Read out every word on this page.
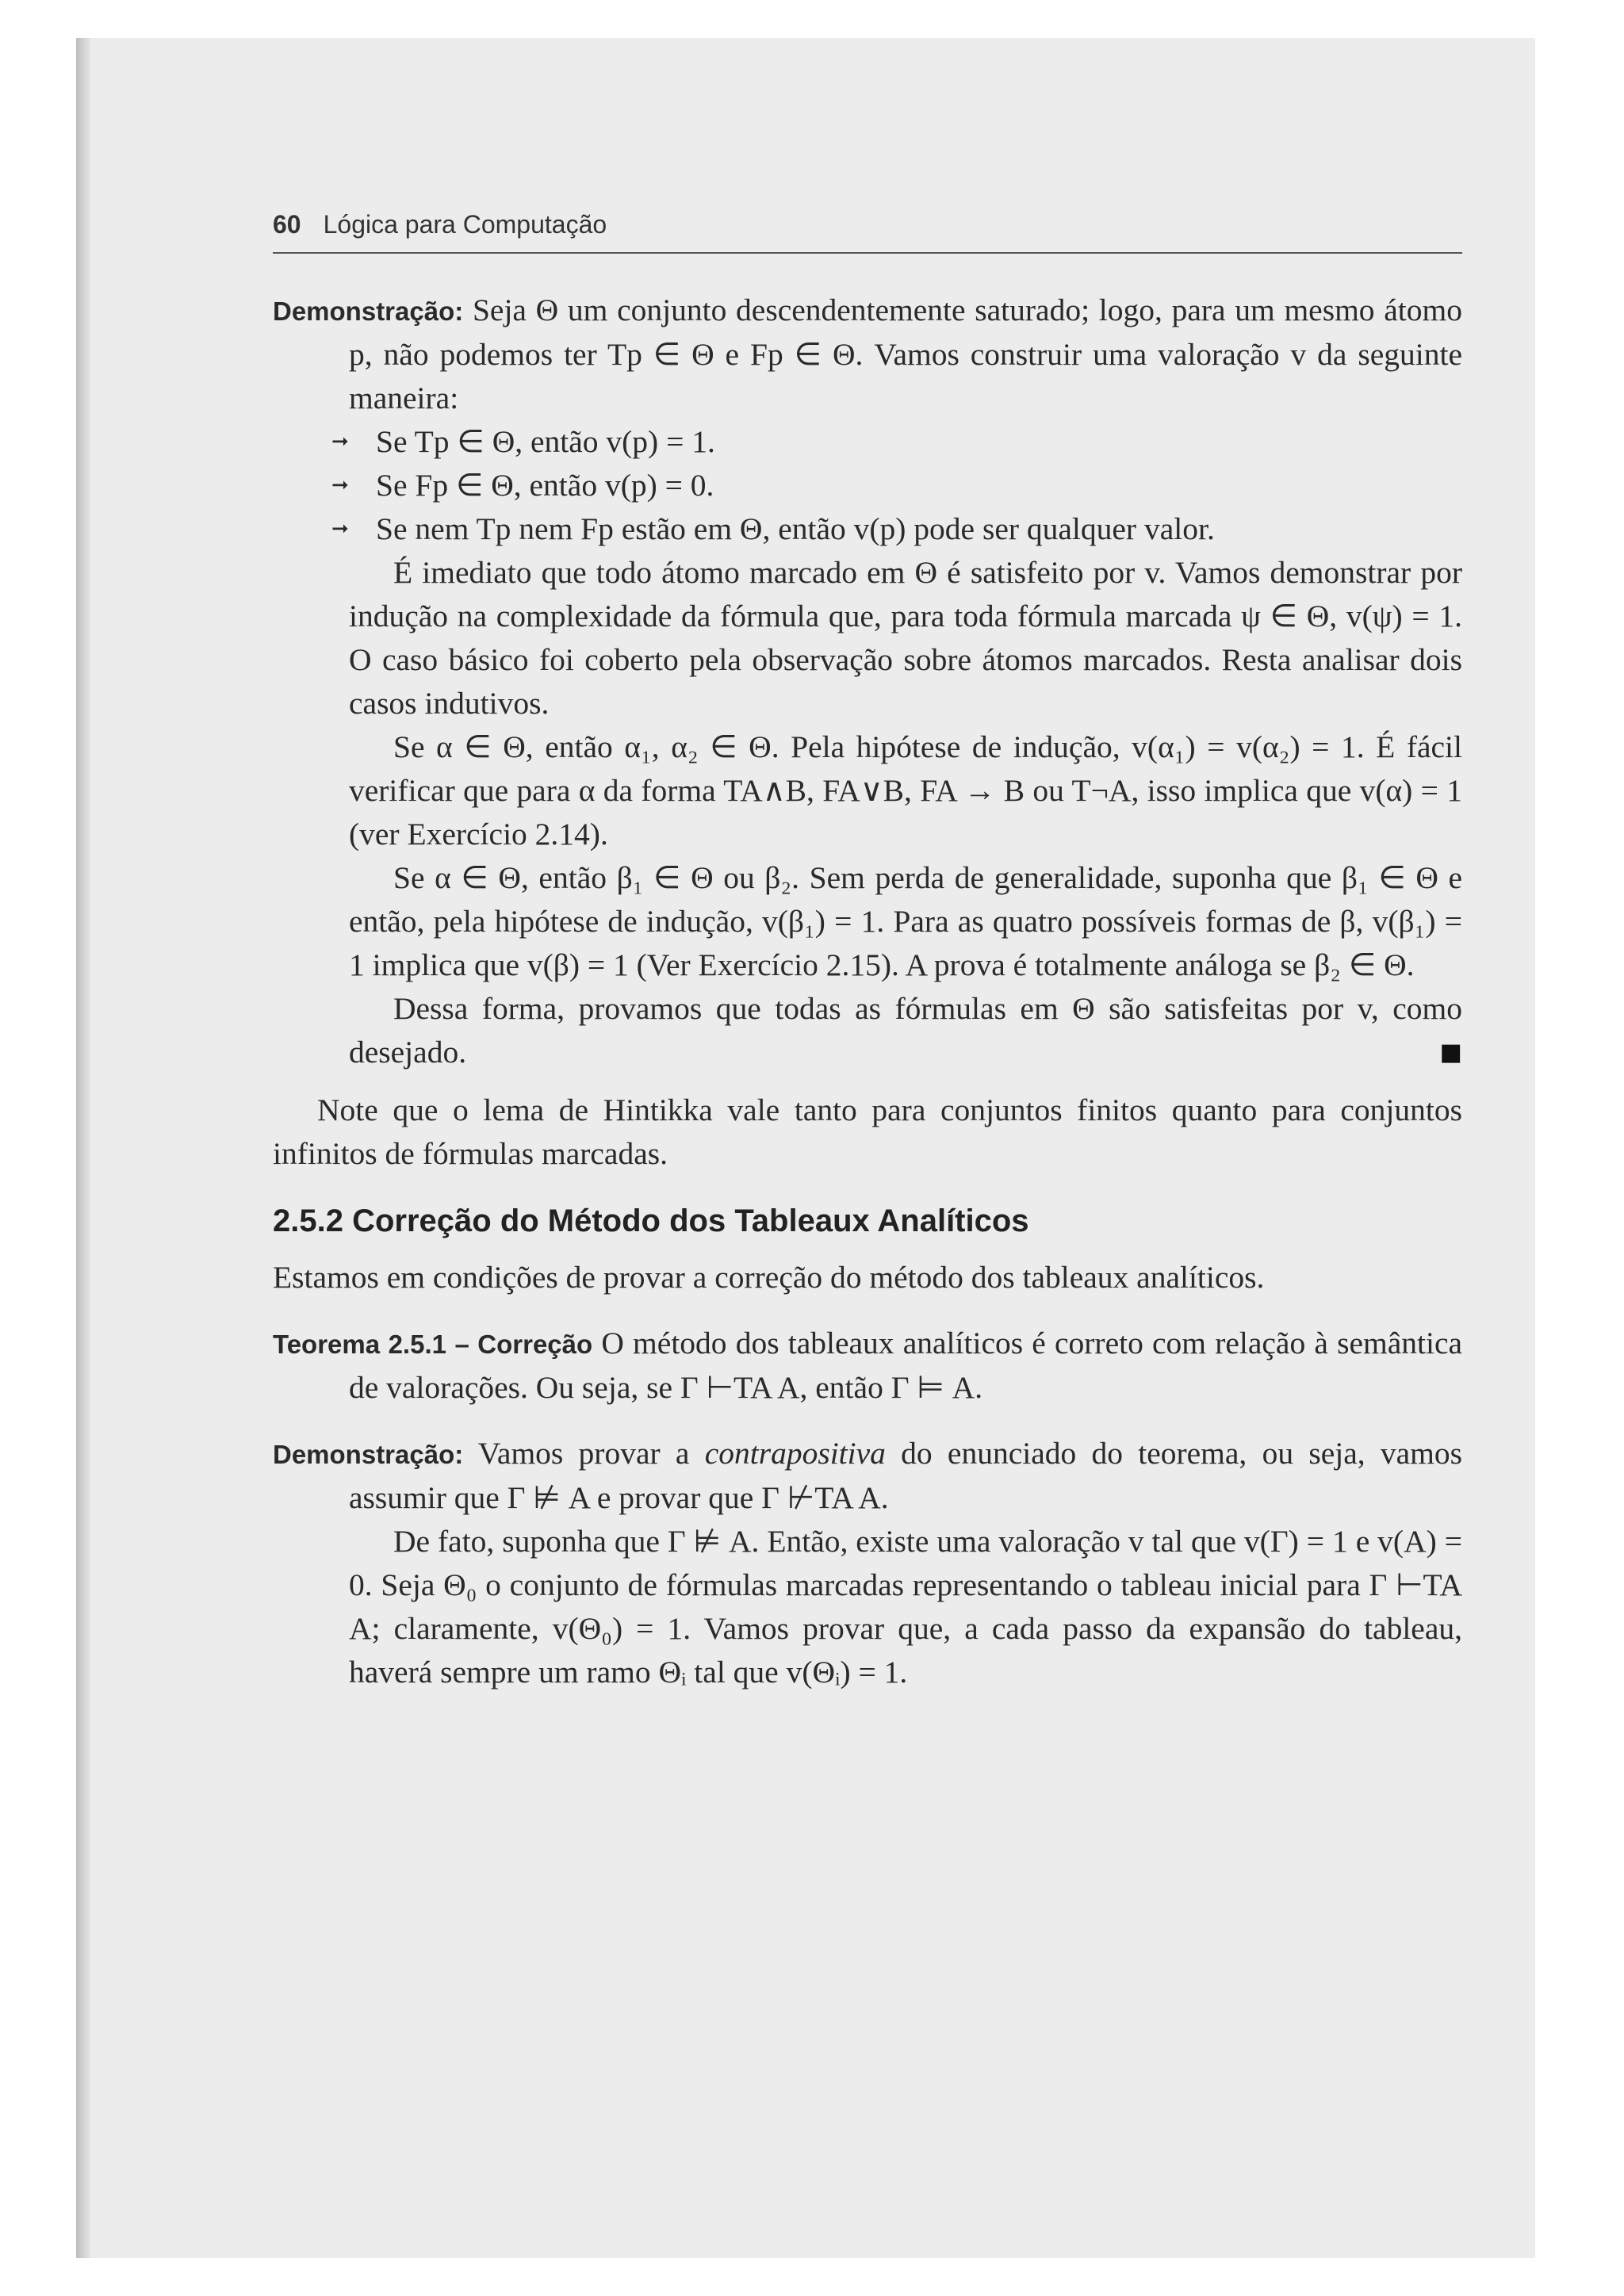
60 Lógica para Computação

Demonstração: Seja Θ um conjunto descendentemente saturado; logo, para um mesmo átomo p, não podemos ter Tp ∈ Θ e Fp ∈ Θ. Vamos construir uma valoração v da seguinte maneira:

➞ Se Tp ∈ Θ, então v(p) = 1.
➞ Se Fp ∈ Θ, então v(p) = 0.
➞ Se nem Tp nem Fp estão em Θ, então v(p) pode ser qualquer valor.

É imediato que todo átomo marcado em Θ é satisfeito por v. Vamos demonstrar por indução na complexidade da fórmula que, para toda fórmula marcada ψ ∈ Θ, v(ψ) = 1. O caso básico foi coberto pela observação sobre átomos marcados. Resta analisar dois casos indutivos.

Se α ∈ Θ, então α₁, α₂ ∈ Θ. Pela hipótese de indução, v(α₁) = v(α₂) = 1. É fácil verificar que para α da forma TA∧B, FA∨B, FA → B ou T¬A, isso implica que v(α) = 1 (ver Exercício 2.14).

Se α ∈ Θ, então β₁ ∈ Θ ou β₂. Sem perda de generalidade, suponha que β₁ ∈ Θ e então, pela hipótese de indução, v(β₁) = 1. Para as quatro possíveis formas de β, v(β₁) = 1 implica que v(β) = 1 (Ver Exercício 2.15). A prova é totalmente análoga se β₂ ∈ Θ.

Dessa forma, provamos que todas as fórmulas em Θ são satisfeitas por v, como desejado.	■

Note que o lema de Hintikka vale tanto para conjuntos finitos quanto para conjuntos infinitos de fórmulas marcadas.

2.5.2 Correção do Método dos Tableaux Analíticos

Estamos em condições de provar a correção do método dos tableaux analíticos.

Teorema 2.5.1 – Correção O método dos tableaux analíticos é correto com relação à semântica de valorações. Ou seja, se Γ ⊢TA A, então Γ ⊨ A.

Demonstração: Vamos provar a contrapositiva do enunciado do teorema, ou seja, vamos assumir que Γ ⊭ A e provar que Γ ⊬TA A.

De fato, suponha que Γ ⊭ A. Então, existe uma valoração v tal que v(Γ) = 1 e v(A) = 0. Seja Θ₀ o conjunto de fórmulas marcadas representando o tableau inicial para Γ ⊢TA A; claramente, v(Θ₀) = 1. Vamos provar que, a cada passo da expansão do tableau, haverá sempre um ramo Θᵢ tal que v(Θᵢ) = 1.
